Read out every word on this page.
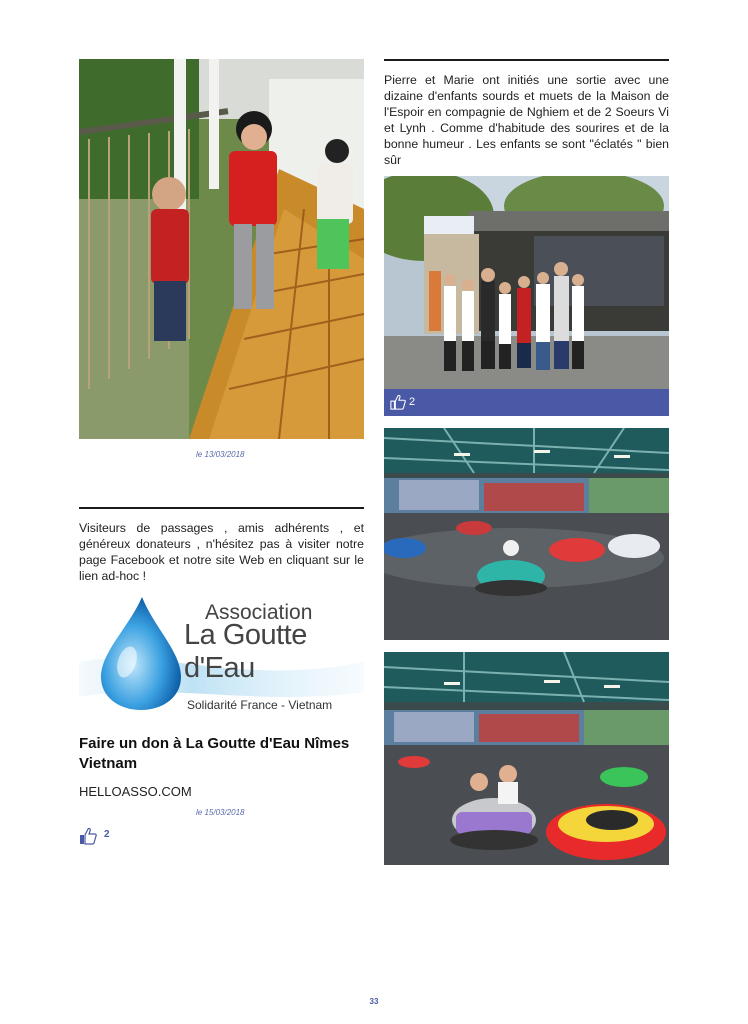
le 13/03/2018
Visiteurs de passages , amis adhérents , et généreux donateurs , n'hésitez pas à visiter notre page Facebook et notre site Web en cliquant sur le lien ad-hoc !
Association
La Goutte d'Eau
Solidarité France - Vietnam
Faire un don à La Goutte d'Eau Nîmes Vietnam
HELLOASSO.COM
le 15/03/2018
2
Pierre et Marie ont initiés une sortie avec une dizaine d'enfants sourds et muets de la Maison de l'Espoir en compagnie de Nghiem et de 2 Soeurs Vi et Lynh . Comme d'habitude des sourires et de la bonne humeur . Les enfants se sont "éclatés " bien sûr
2
33
